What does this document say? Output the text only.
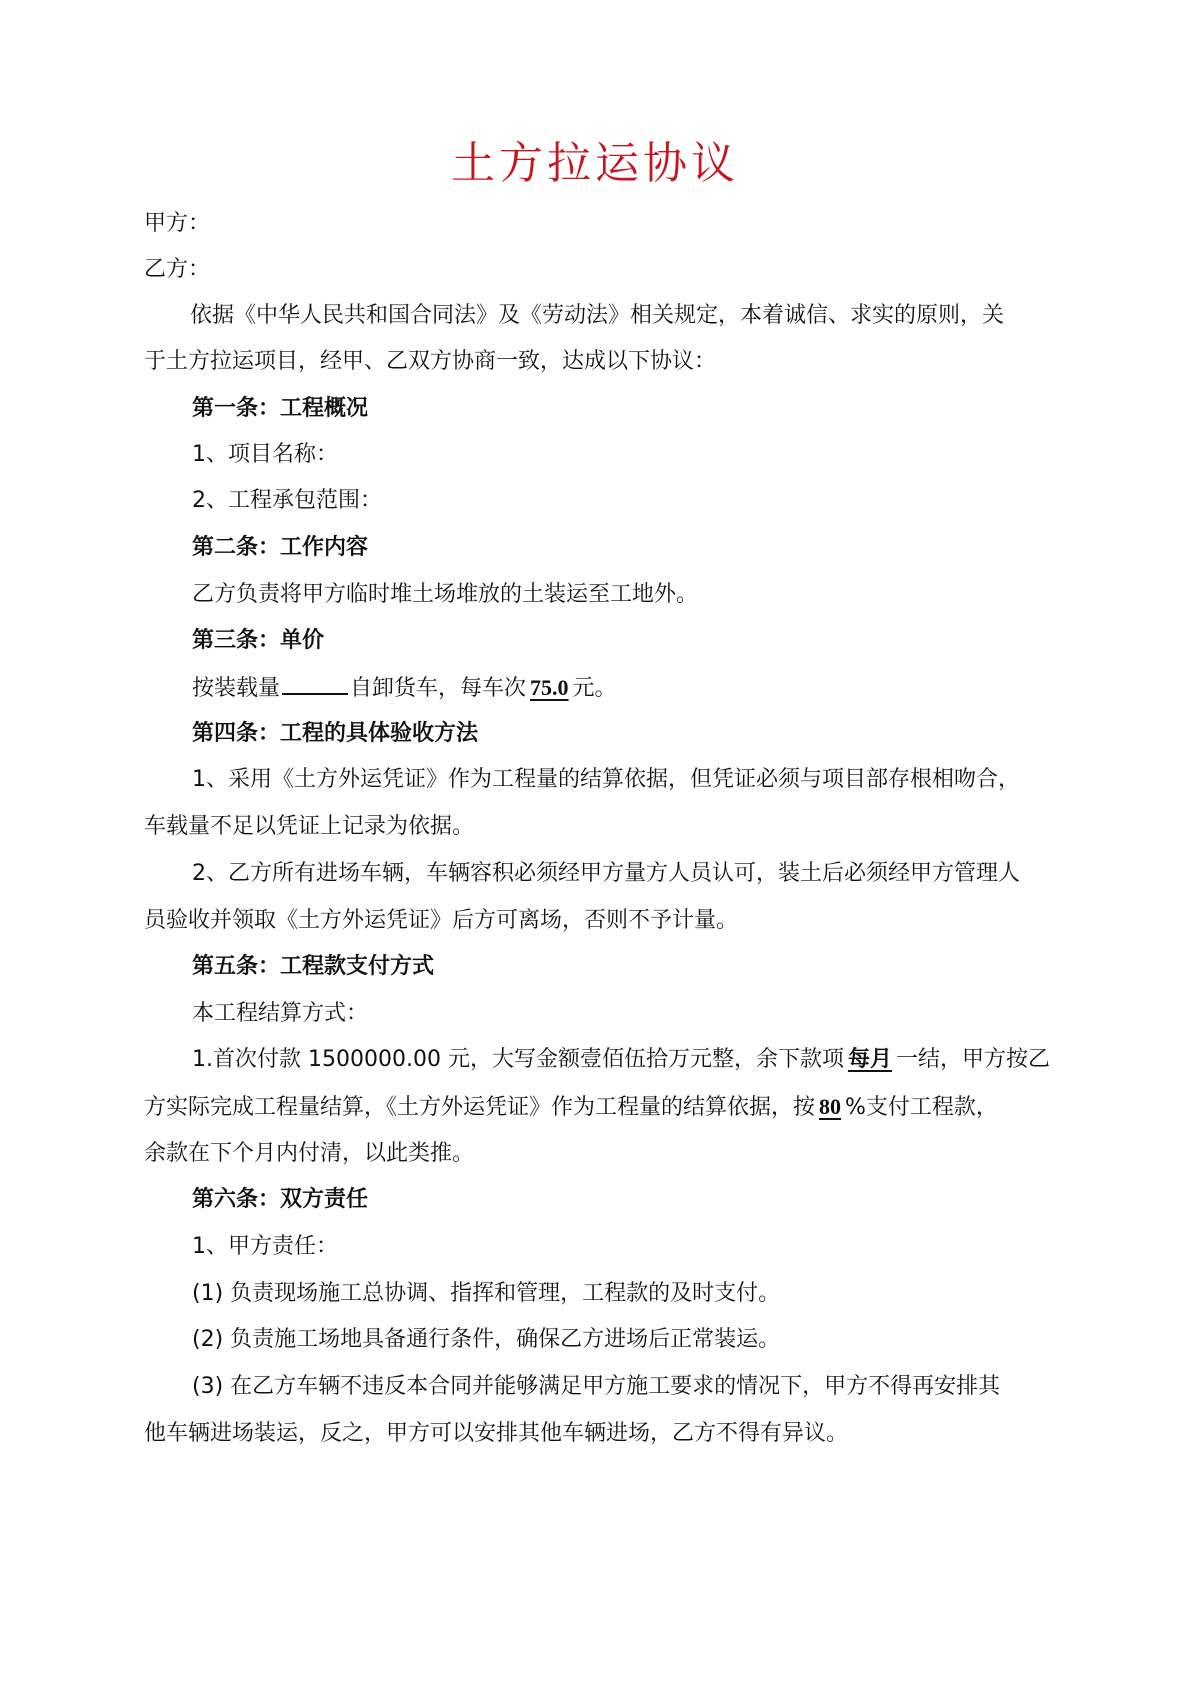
土方拉运协议
甲方：
乙方：
依据《中华人民共和国合同法》及《劳动法》相关规定，本着诚信、求实的原则，关
于土方拉运项目，经甲、乙双方协商一致，达成以下协议：
第一条：工程概况
1、项目名称：
2、工程承包范围：
第二条：工作内容
乙方负责将甲方临时堆土场堆放的土装运至工地外。
第三条：单价
按装载量	自卸货车，每车次 75.0 元。
第四条：工程的具体验收方法
1、采用《土方外运凭证》作为工程量的结算依据，但凭证必须与项目部存根相吻合，
车载量不足以凭证上记录为依据。
2、乙方所有进场车辆，车辆容积必须经甲方量方人员认可，装土后必须经甲方管理人
员验收并领取《土方外运凭证》后方可离场，否则不予计量。
第五条：工程款支付方式
本工程结算方式：
1.首次付款 1500000.00 元，大写金额壹佰伍拾万元整，余下款项 每月 一结，甲方按乙
方实际完成工程量结算，《土方外运凭证》作为工程量的结算依据，按 80 %支付工程款，
余款在下个月内付清，以此类推。
第六条：双方责任
1、甲方责任：
(1) 负责现场施工总协调、指挥和管理，工程款的及时支付。
(2) 负责施工场地具备通行条件，确保乙方进场后正常装运。
(3) 在乙方车辆不违反本合同并能够满足甲方施工要求的情况下，甲方不得再安排其
他车辆进场装运，反之，甲方可以安排其他车辆进场，乙方不得有异议。
